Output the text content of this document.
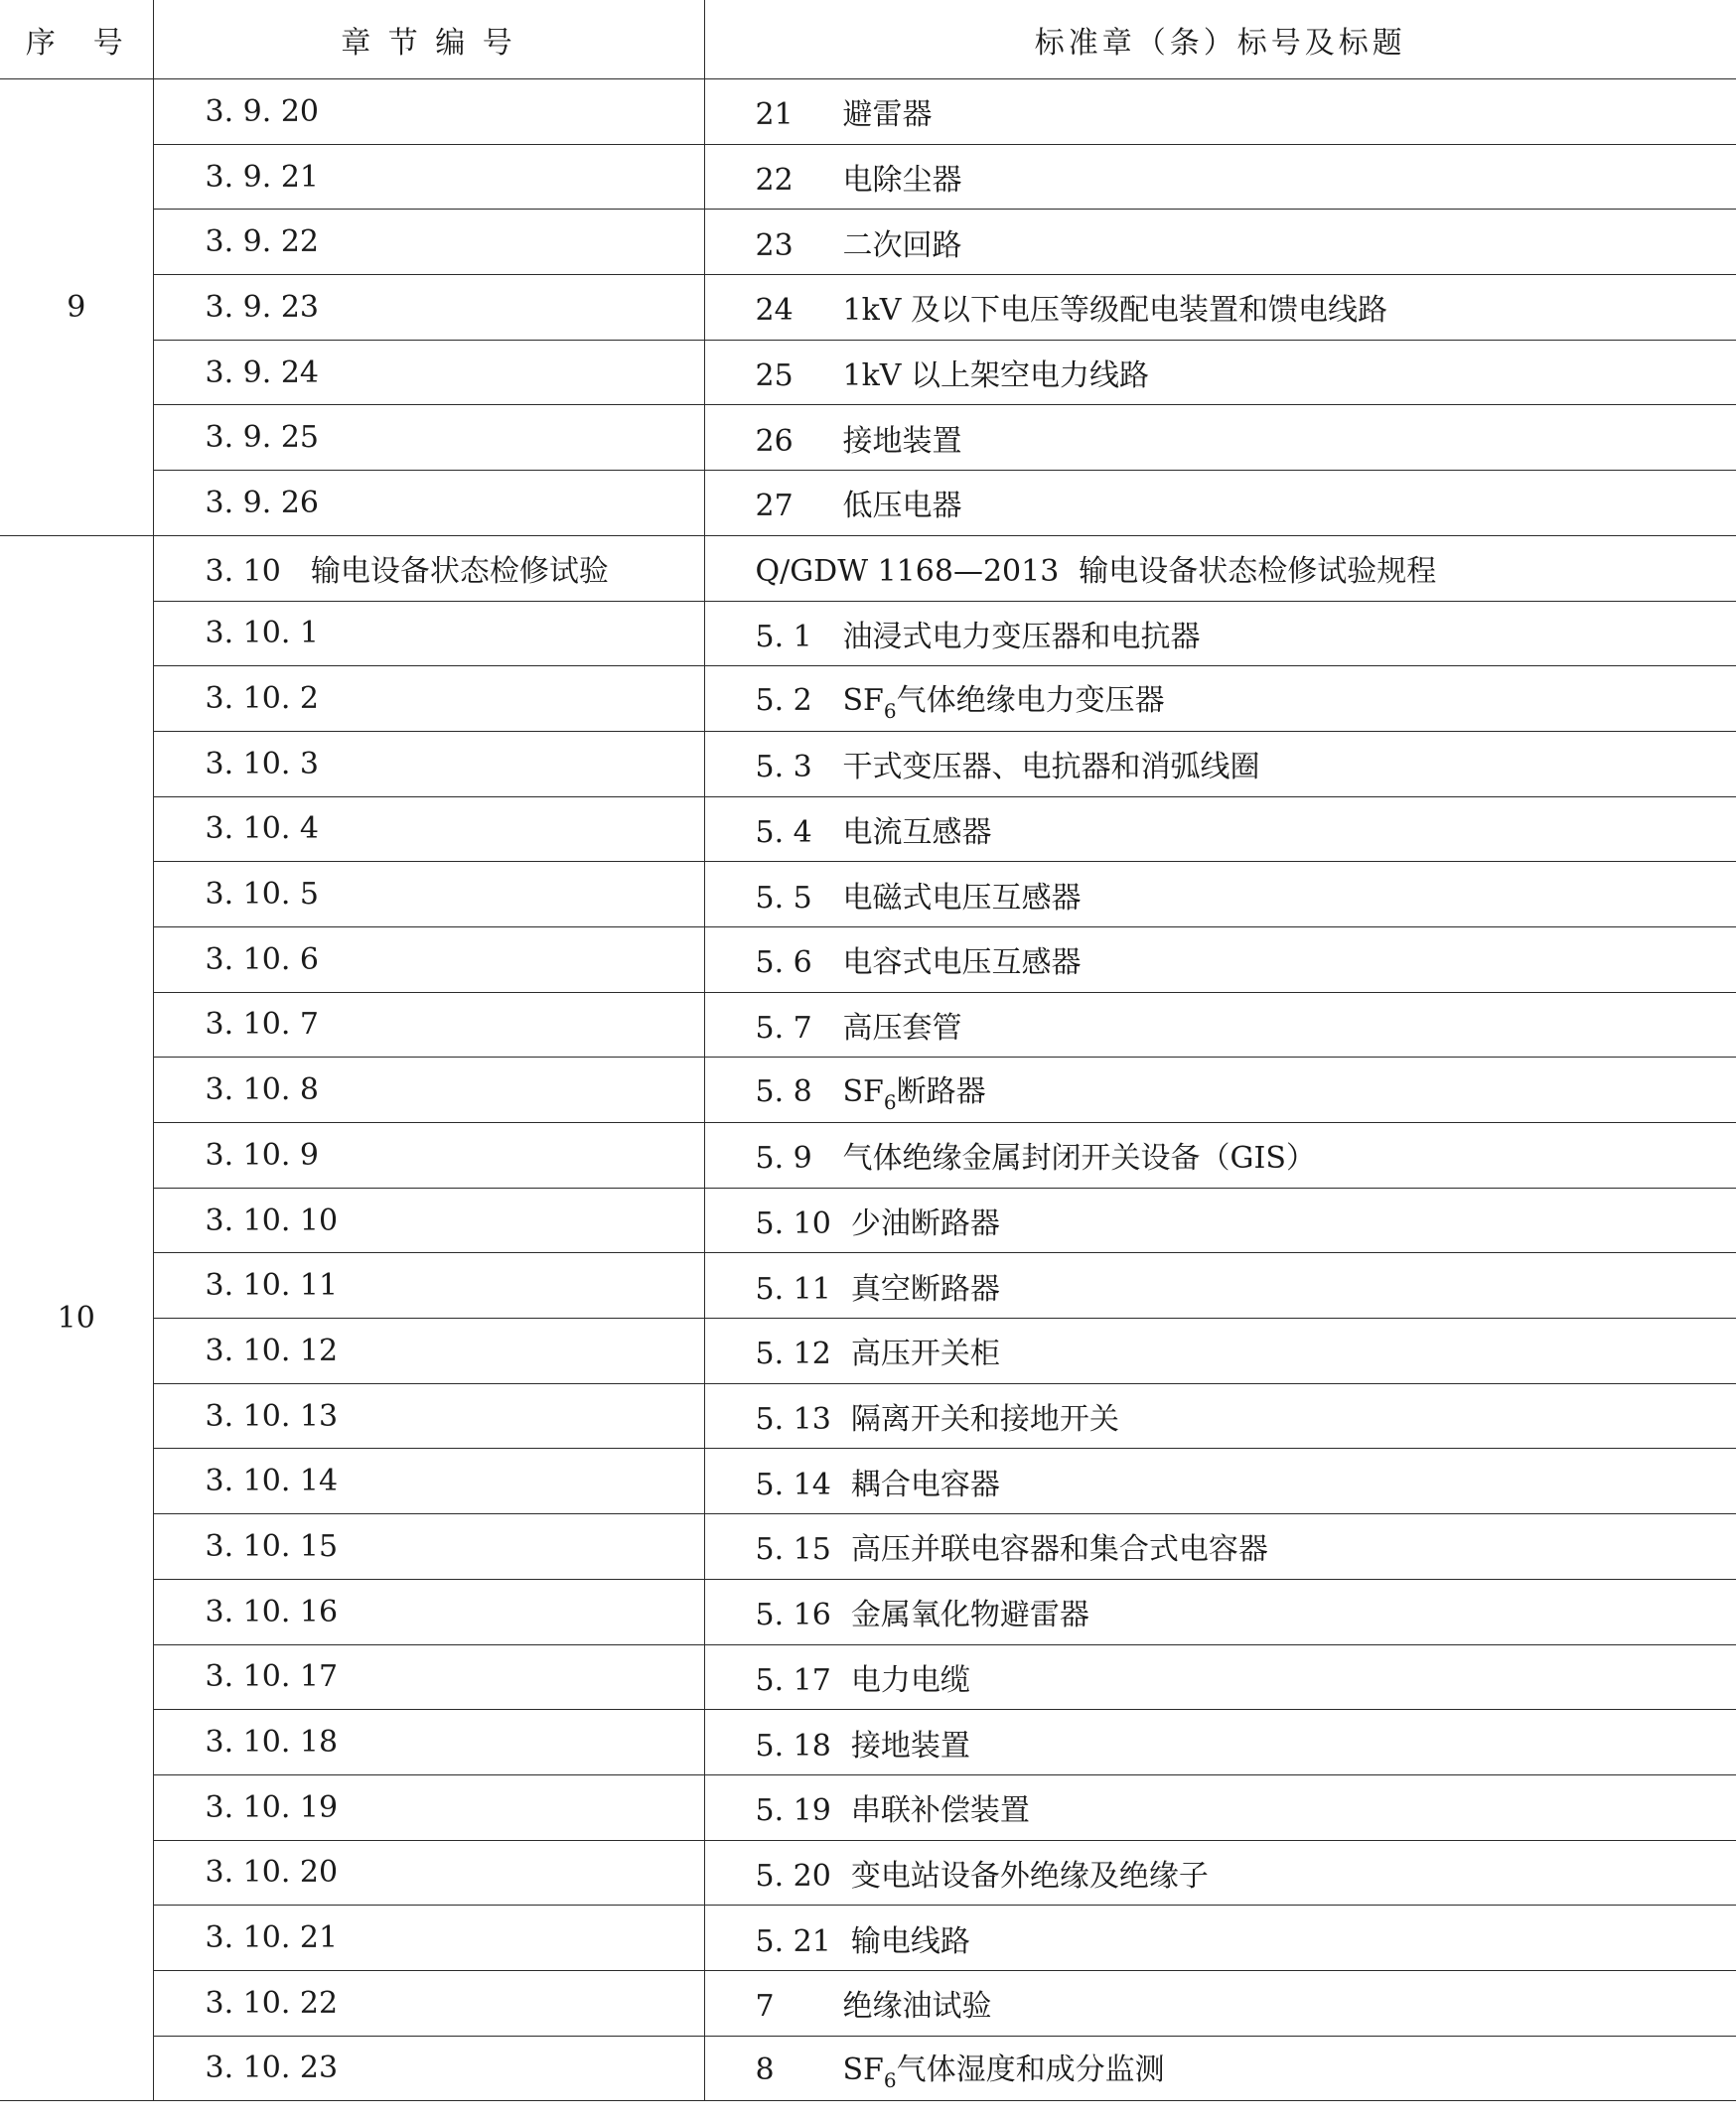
序　号	章 节 编 号	标准章（条）标号及标题
9	3. 9. 20	21 避雷器
	3. 9. 21	22 电除尘器
	3. 9. 22	23 二次回路
	3. 9. 23	24 1kV 及以下电压等级配电装置和馈电线路
	3. 9. 24	25 1kV 以上架空电力线路
	3. 9. 25	26 接地装置
	3. 9. 26	27 低压电器
10	3. 10　输电设备状态检修试验	Q/GDW 1168—2013 输电设备状态检修试验规程
	3. 10. 1	5. 1 油浸式电力变压器和电抗器
	3. 10. 2	5. 2 $SF_6$气体绝缘电力变压器
	3. 10. 3	5. 3 干式变压器、电抗器和消弧线圈
	3. 10. 4	5. 4 电流互感器
	3. 10. 5	5. 5 电磁式电压互感器
	3. 10. 6	5. 6 电容式电压互感器
	3. 10. 7	5. 7 高压套管
	3. 10. 8	5. 8 $SF_6$断路器
	3. 10. 9	5. 9 气体绝缘金属封闭开关设备（GIS）
	3. 10. 10	5. 10 少油断路器
	3. 10. 11	5. 11 真空断路器
	3. 10. 12	5. 12 高压开关柜
	3. 10. 13	5. 13 隔离开关和接地开关
	3. 10. 14	5. 14 耦合电容器
	3. 10. 15	5. 15 高压并联电容器和集合式电容器
	3. 10. 16	5. 16 金属氧化物避雷器
	3. 10. 17	5. 17 电力电缆
	3. 10. 18	5. 18 接地装置
	3. 10. 19	5. 19 串联补偿装置
	3. 10. 20	5. 20 变电站设备外绝缘及绝缘子
	3. 10. 21	5. 21 输电线路
	3. 10. 22	7 绝缘油试验
	3. 10. 23	8 $SF_6$气体湿度和成分监测
